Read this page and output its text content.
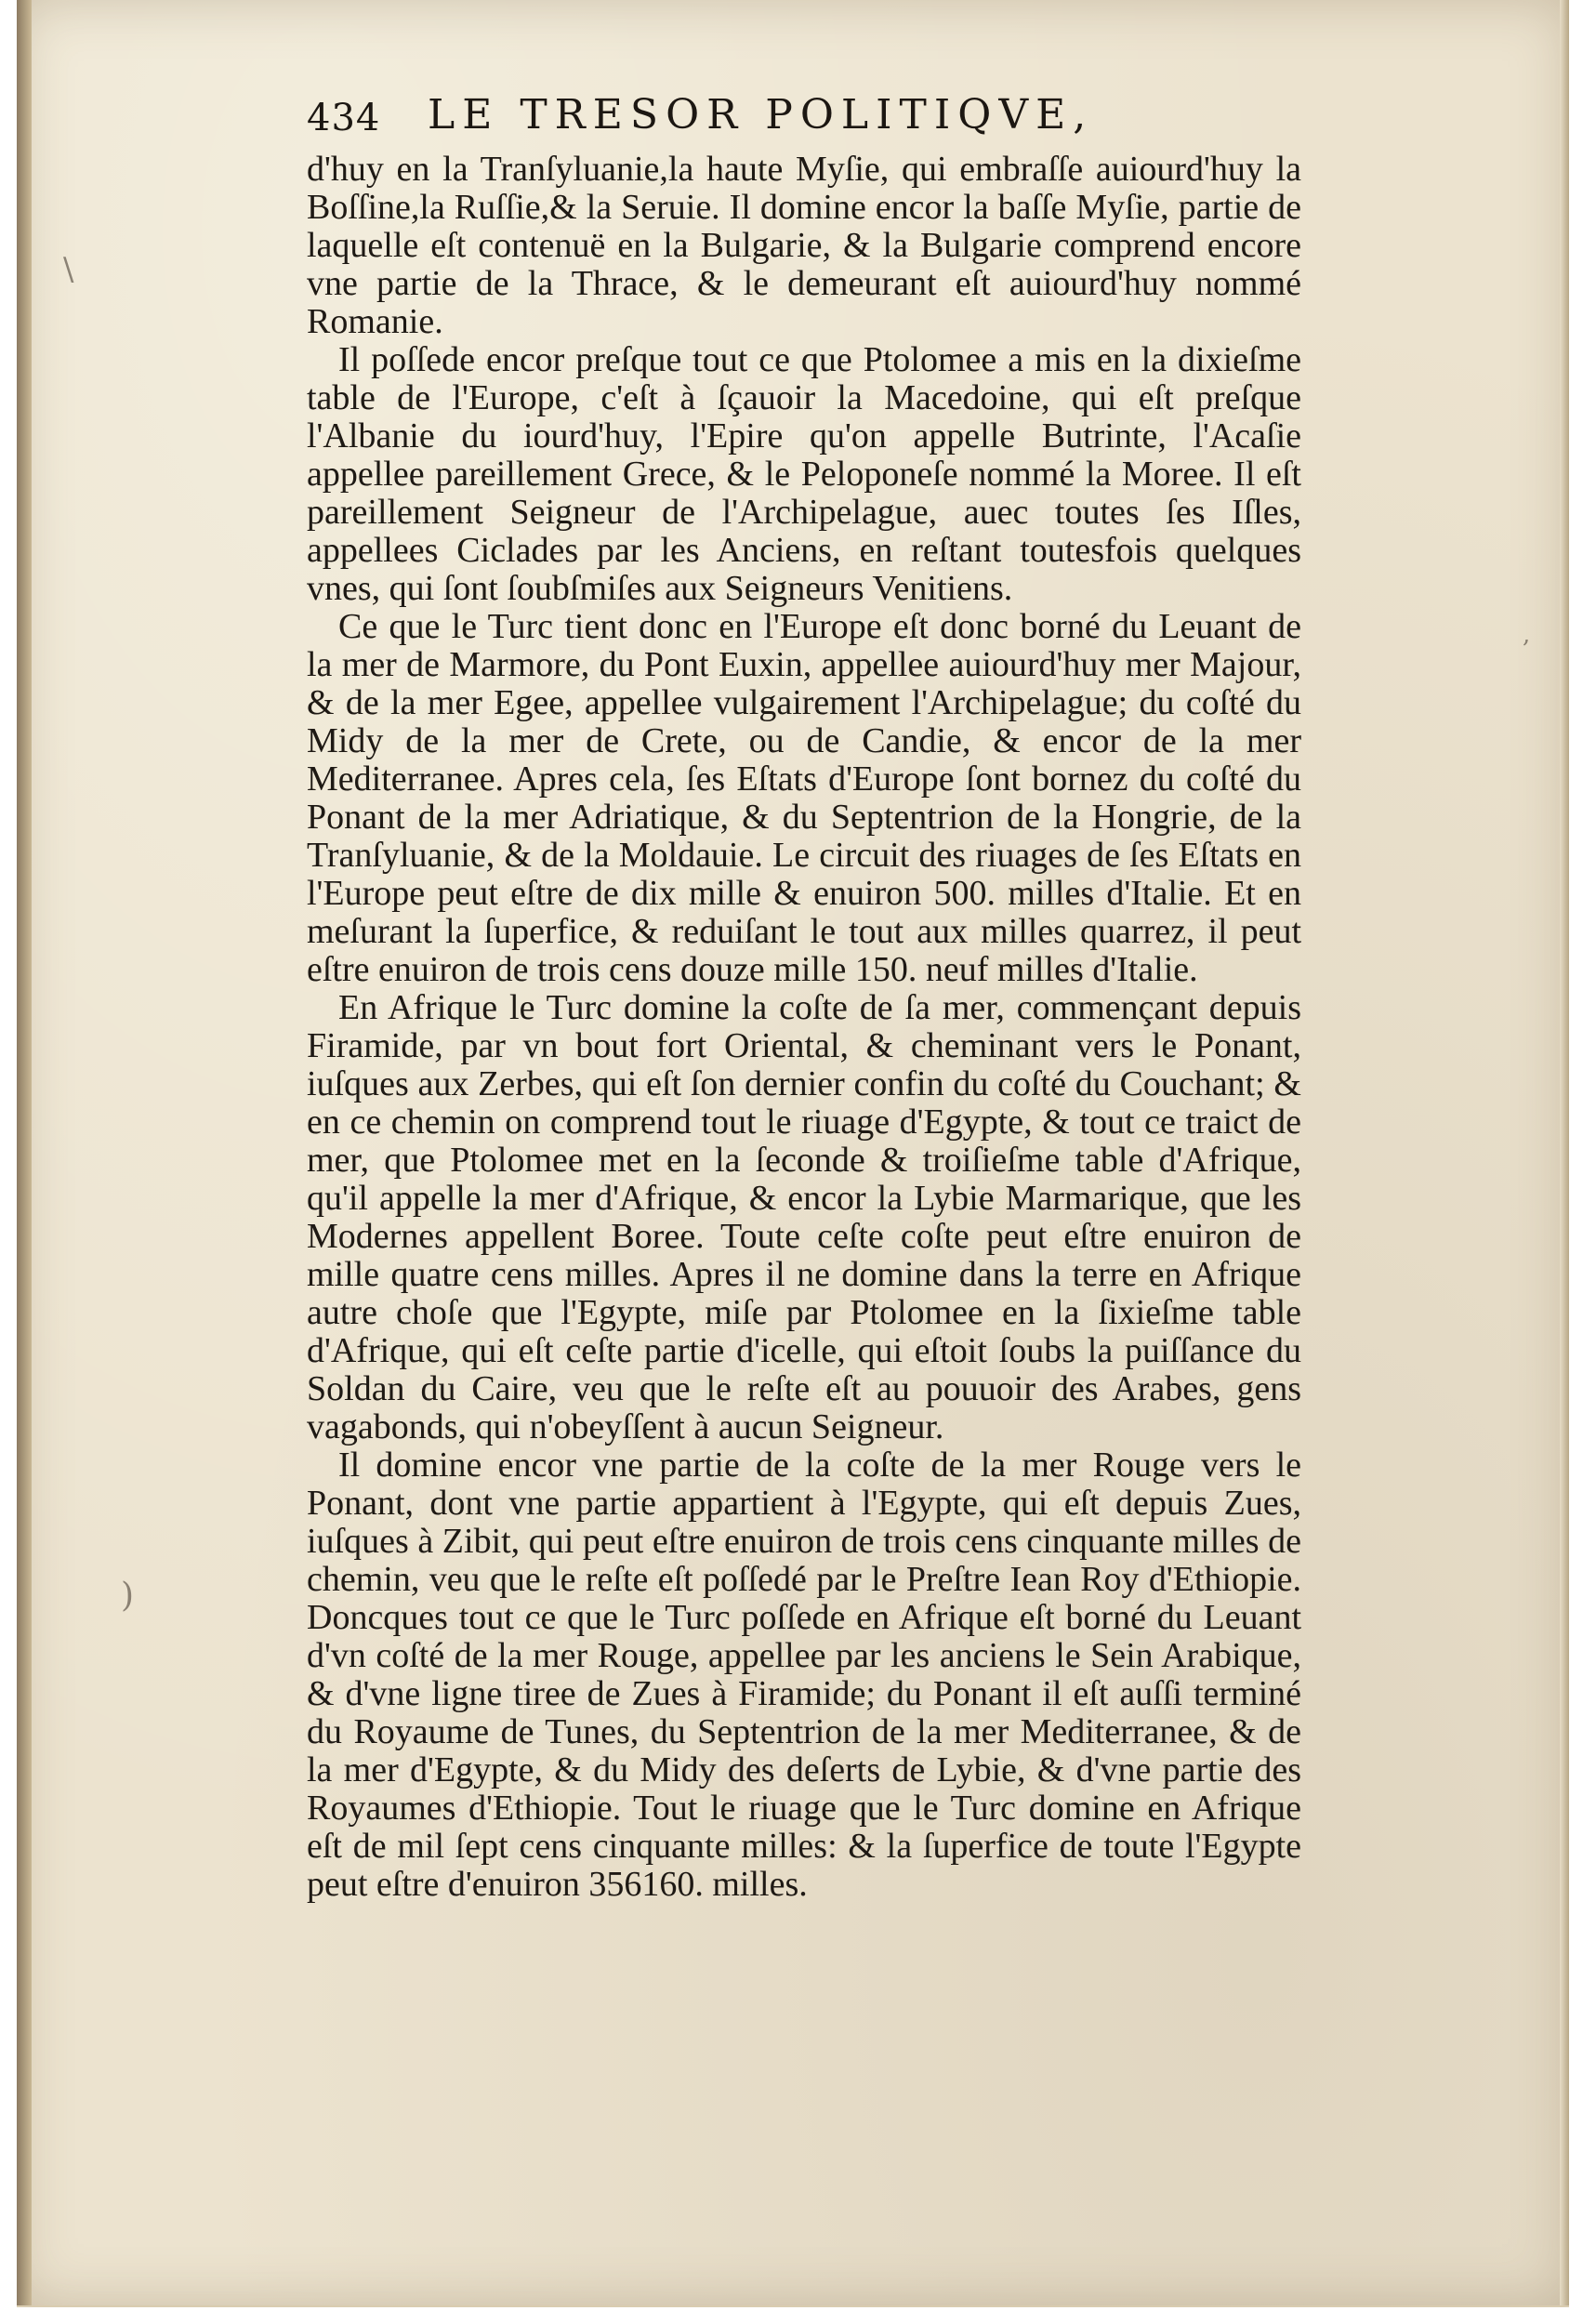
\
,
)
434 LE TRESOR POLITIQVE,

d'huy en la Tranſyluanie,la haute Myſie, qui embraſſe auiourd'huy la Boſſine,la Ruſſie,& la Seruie. Il domine encor la baſſe Myſie, partie de laquelle eſt contenuë en la Bulgarie, & la Bulgarie comprend encore vne partie de la Thrace, & le demeurant eſt auiourd'huy nommé Romanie.

Il poſſede encor preſque tout ce que Ptolomee a mis en la dixieſme table de l'Europe, c'eſt à ſçauoir la Macedoine, qui eſt preſque l'Albanie du iourd'huy, l'Epire qu'on appelle Butrinte, l'Acaſie appellee pareillement Grece, & le Peloponeſe nommé la Moree. Il eſt pareillement Seigneur de l'Archipelague, auec toutes ſes Iſles, appellees Ciclades par les Anciens, en reſtant toutesfois quelques vnes, qui ſont ſoubſmiſes aux Seigneurs Venitiens.

Ce que le Turc tient donc en l'Europe eſt donc borné du Leuant de la mer de Marmore, du Pont Euxin, appellee auiourd'huy mer Majour, & de la mer Egee, appellee vulgairement l'Archipelague; du coſté du Midy de la mer de Crete, ou de Candie, & encor de la mer Mediterranee. Apres cela, ſes Eſtats d'Europe ſont bornez du coſté du Ponant de la mer Adriatique, & du Septentrion de la Hongrie, de la Tranſyluanie, & de la Moldauie. Le circuit des riuages de ſes Eſtats en l'Europe peut eſtre de dix mille & enuiron 500. milles d'Italie. Et en meſurant la ſuperfice, & reduiſant le tout aux milles quarrez, il peut eſtre enuiron de trois cens douze mille 150. neuf milles d'Italie.

En Afrique le Turc domine la coſte de ſa mer, commençant depuis Firamide, par vn bout fort Oriental, & cheminant vers le Ponant, iuſques aux Zerbes, qui eſt ſon dernier confin du coſté du Couchant; & en ce chemin on comprend tout le riuage d'Egypte, & tout ce traict de mer, que Ptolomee met en la ſeconde & troiſieſme table d'Afrique, qu'il appelle la mer d'Afrique, & encor la Lybie Marmarique, que les Modernes appellent Boree. Toute ceſte coſte peut eſtre enuiron de mille quatre cens milles. Apres il ne domine dans la terre en Afrique autre choſe que l'Egypte, miſe par Ptolomee en la ſixieſme table d'Afrique, qui eſt ceſte partie d'icelle, qui eſtoit ſoubs la puiſſance du Soldan du Caire, veu que le reſte eſt au pouuoir des Arabes, gens vagabonds, qui n'obeyſſent à aucun Seigneur.

Il domine encor vne partie de la coſte de la mer Rouge vers le Ponant, dont vne partie appartient à l'Egypte, qui eſt depuis Zues, iuſques à Zibit, qui peut eſtre enuiron de trois cens cinquante milles de chemin, veu que le reſte eſt poſſedé par le Preſtre Iean Roy d'Ethiopie. Doncques tout ce que le Turc poſſede en Afrique eſt borné du Leuant d'vn coſté de la mer Rouge, appellee par les anciens le Sein Arabique, & d'vne ligne tiree de Zues à Firamide; du Ponant il eſt auſſi terminé du Royaume de Tunes, du Septentrion de la mer Mediterranee, & de la mer d'Egypte, & du Midy des deſerts de Lybie, & d'vne partie des Royaumes d'Ethiopie. Tout le riuage que le Turc domine en Afrique eſt de mil ſept cens cinquante milles: & la ſuperfice de toute l'Egypte peut eſtre d'enuiron 356160. milles.
